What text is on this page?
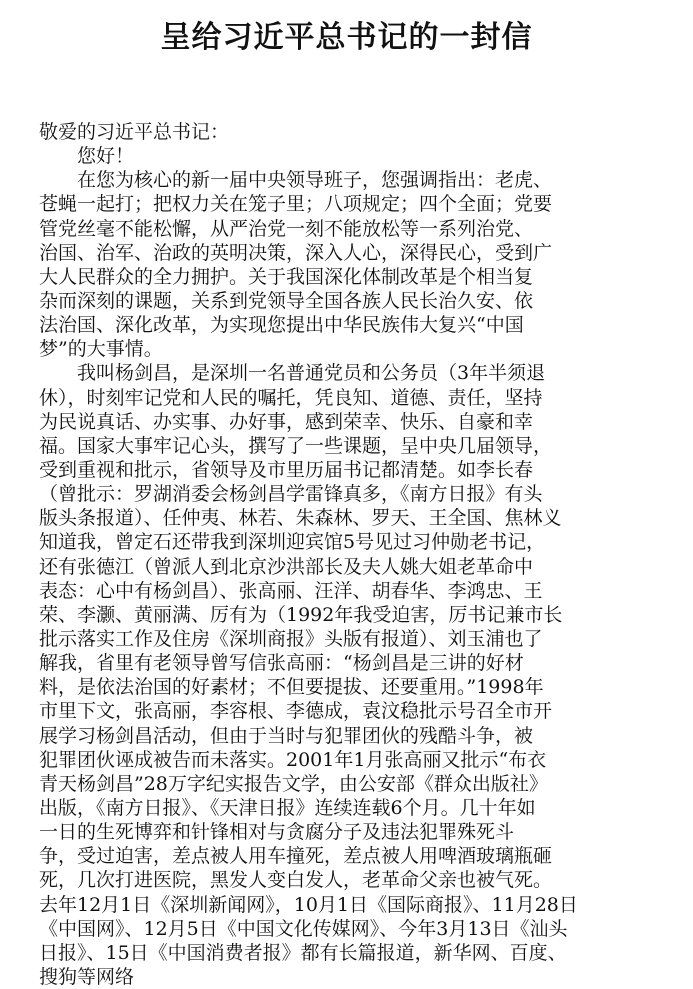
呈给习近平总书记的一封信
敬爱的习近平总书记：
　　您好！
　　在您为核心的新一届中央领导班子，您强调指出：老虎、
苍蝇一起打；把权力关在笼子里；八项规定；四个全面；党要
管党丝毫不能松懈，从严治党一刻不能放松等一系列治党、
治国、治军、治政的英明决策，深入人心，深得民心，受到广
大人民群众的全力拥护。关于我国深化体制改革是个相当复
杂而深刻的课题，关系到党领导全国各族人民长治久安、依
法治国、深化改革，为实现您提出中华民族伟大复兴“中国
梦”的大事情。
　　我叫杨剑昌，是深圳一名普通党员和公务员（3年半须退
休），时刻牢记党和人民的嘱托，凭良知、道德、责任，坚持
为民说真话、办实事、办好事，感到荣幸、快乐、自豪和幸
福。国家大事牢记心头，撰写了一些课题，呈中央几届领导，
受到重视和批示，省领导及市里历届书记都清楚。如李长春
（曾批示：罗湖消委会杨剑昌学雷锋真多，《南方日报》有头
版头条报道）、任仲夷、林若、朱森林、罗天、王全国、焦林义
知道我，曾定石还带我到深圳迎宾馆5号见过习仲勋老书记，
还有张德江（曾派人到北京沙洪部长及夫人姚大姐老革命中
表态：心中有杨剑昌）、张高丽、汪洋、胡春华、李鸿忠、王
荣、李灏、黄丽满、厉有为（1992年我受迫害，厉书记兼市长
批示落实工作及住房《深圳商报》头版有报道）、刘玉浦也了
解我，省里有老领导曾写信张高丽：“杨剑昌是三讲的好材
料，是依法治国的好素材；不但要提拔、还要重用。”1998年
市里下文，张高丽，李容根、李德成，袁汶稳批示号召全市开
展学习杨剑昌活动，但由于当时与犯罪团伙的残酷斗争，被
犯罪团伙诬成被告而未落实。2001年1月张高丽又批示“布衣
青天杨剑昌”28万字纪实报告文学，由公安部《群众出版社》
出版，《南方日报》、《天津日报》连续连载6个月。几十年如
一日的生死博弈和针锋相对与贪腐分子及违法犯罪殊死斗
争，受过迫害，差点被人用车撞死，差点被人用啤酒玻璃瓶砸
死，几次打进医院，黑发人变白发人，老革命父亲也被气死。
去年12月1日《深圳新闻网》，10月1日《国际商报》、11月28日
《中国网》、12月5日《中国文化传媒网》、今年3月13日《汕头
日报》、15日《中国消费者报》都有长篇报道，新华网、百度、
搜狗等网络
